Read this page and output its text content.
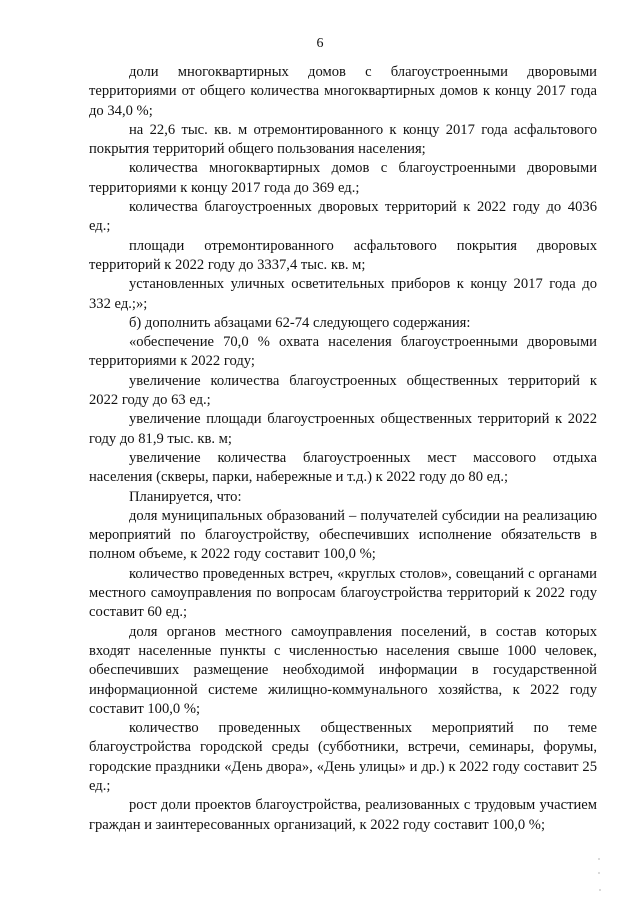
6

доли многоквартирных домов с благоустроенными дворовыми территориями от общего количества многоквартирных домов к концу 2017 года до 34,0 %;

на 22,6 тыс. кв. м отремонтированного к концу 2017 года асфальтового покрытия территорий общего пользования населения;

количества многоквартирных домов с благоустроенными дворовыми территориями к концу 2017 года до 369 ед.;

количества благоустроенных дворовых территорий к 2022 году до 4036 ед.;

площади отремонтированного асфальтового покрытия дворовых территорий к 2022 году до 3337,4 тыс. кв. м;

установленных уличных осветительных приборов к концу 2017 года до 332 ед.;»;

б) дополнить абзацами 62-74 следующего содержания:

«обеспечение 70,0 % охвата населения благоустроенными дворовыми территориями к 2022 году;

увеличение количества благоустроенных общественных территорий к 2022 году до 63 ед.;

увеличение площади благоустроенных общественных территорий к 2022 году до 81,9 тыс. кв. м;

увеличение количества благоустроенных мест массового отдыха населения (скверы, парки, набережные и т.д.) к 2022 году до 80 ед.;

Планируется, что:

доля муниципальных образований – получателей субсидии на реализацию мероприятий по благоустройству, обеспечивших исполнение обязательств в полном объеме, к 2022 году составит 100,0 %;

количество проведенных встреч, «круглых столов», совещаний с органами местного самоуправления по вопросам благоустройства территорий к 2022 году составит 60 ед.;

доля органов местного самоуправления поселений, в состав которых входят населенные пункты с численностью населения свыше 1000 человек, обеспечивших размещение необходимой информации в государственной информационной системе жилищно-коммунального хозяйства, к 2022 году составит 100,0 %;

количество проведенных общественных мероприятий по теме благоустройства городской среды (субботники, встречи, семинары, форумы, городские праздники «День двора», «День улицы» и др.) к 2022 году составит 25 ед.;

рост доли проектов благоустройства, реализованных с трудовым участием граждан и заинтересованных организаций, к 2022 году составит 100,0 %;
